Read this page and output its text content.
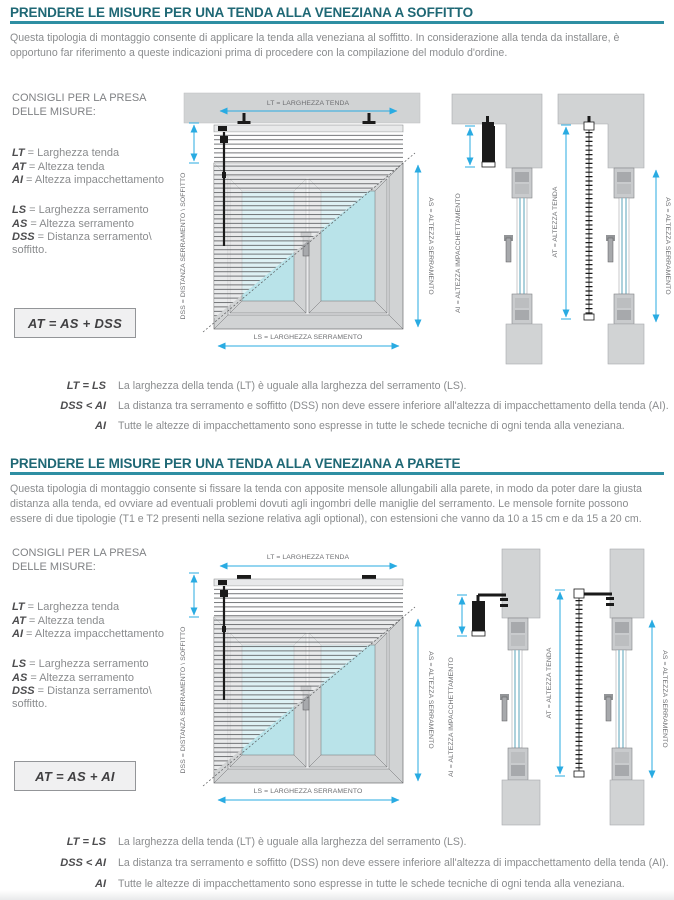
PRENDERE LE MISURE PER UNA TENDA ALLA VENEZIANA A SOFFITTO
Questa tipologia di montaggio consente di applicare la tenda alla veneziana al soffitto. In considerazione alla tenda da installare, è opportuno far riferimento a queste indicazioni prima di procedere con la compilazione del modulo d'ordine.
CONSIGLI PER LA PRESA DELLE MISURE:
LT = Larghezza tenda
AT = Altezza tenda
AI = Altezza impacchettamento
LS = Larghezza serramento
AS = Altezza serramento
DSS = Distanza serramento\ soffitto.
AT = AS + DSS
LT = LARGHEZZA TENDA
DSS = DISTANZA SERRAMENTO \ SOFFITTO	AS = ALTEZZA SERRAMENTO
LS = LARGHEZZA SERRAMENTO
AI = ALTEZZA IMPACCHETTAMENTO	AT = ALTEZZA TENDA	AS = ALTEZZA SERRAMENTO
LT = LS La larghezza della tenda (LT) è uguale alla larghezza del serramento (LS).
DSS < AI La distanza tra serramento e soffitto (DSS) non deve essere inferiore all'altezza di impacchettamento della tenda (AI).
AI Tutte le altezze di impacchettamento sono espresse in tutte le schede tecniche di ogni tenda alla veneziana.
PRENDERE LE MISURE PER UNA TENDA ALLA VENEZIANA A PARETE
Questa tipologia di montaggio consente si fissare la tenda con apposite mensole allungabili alla parete, in modo da poter dare la giusta distanza alla tenda, ed ovviare ad eventuali problemi dovuti agli ingombri delle maniglie del serramento. Le mensole fornite possono essere di due tipologie (T1 e T2 presenti nella sezione relativa agli optional), con estensioni che vanno da 10 a 15 cm e da 15 a 20 cm.
CONSIGLI PER LA PRESA DELLE MISURE:
LT = Larghezza tenda
AT = Altezza tenda
AI = Altezza impacchettamento
LS = Larghezza serramento
AS = Altezza serramento
DSS = Distanza serramento\ soffitto.
AT = AS + AI
LT = LARGHEZZA TENDA
DSS = DISTANZA SERRAMENTO \ SOFFITTO	AS = ALTEZZA SERRAMENTO
LS = LARGHEZZA SERRAMENTO
AI = ALTEZZA IMPACCHETTAMENTO	AT = ALTEZZA TENDA	AS = ALTEZZA SERRAMENTO
LT = LS La larghezza della tenda (LT) è uguale alla larghezza del serramento (LS).
DSS < AI La distanza tra serramento e soffitto (DSS) non deve essere inferiore all'altezza di impacchettamento della tenda (AI).
AI Tutte le altezze di impacchettamento sono espresse in tutte le schede tecniche di ogni tenda alla veneziana.
